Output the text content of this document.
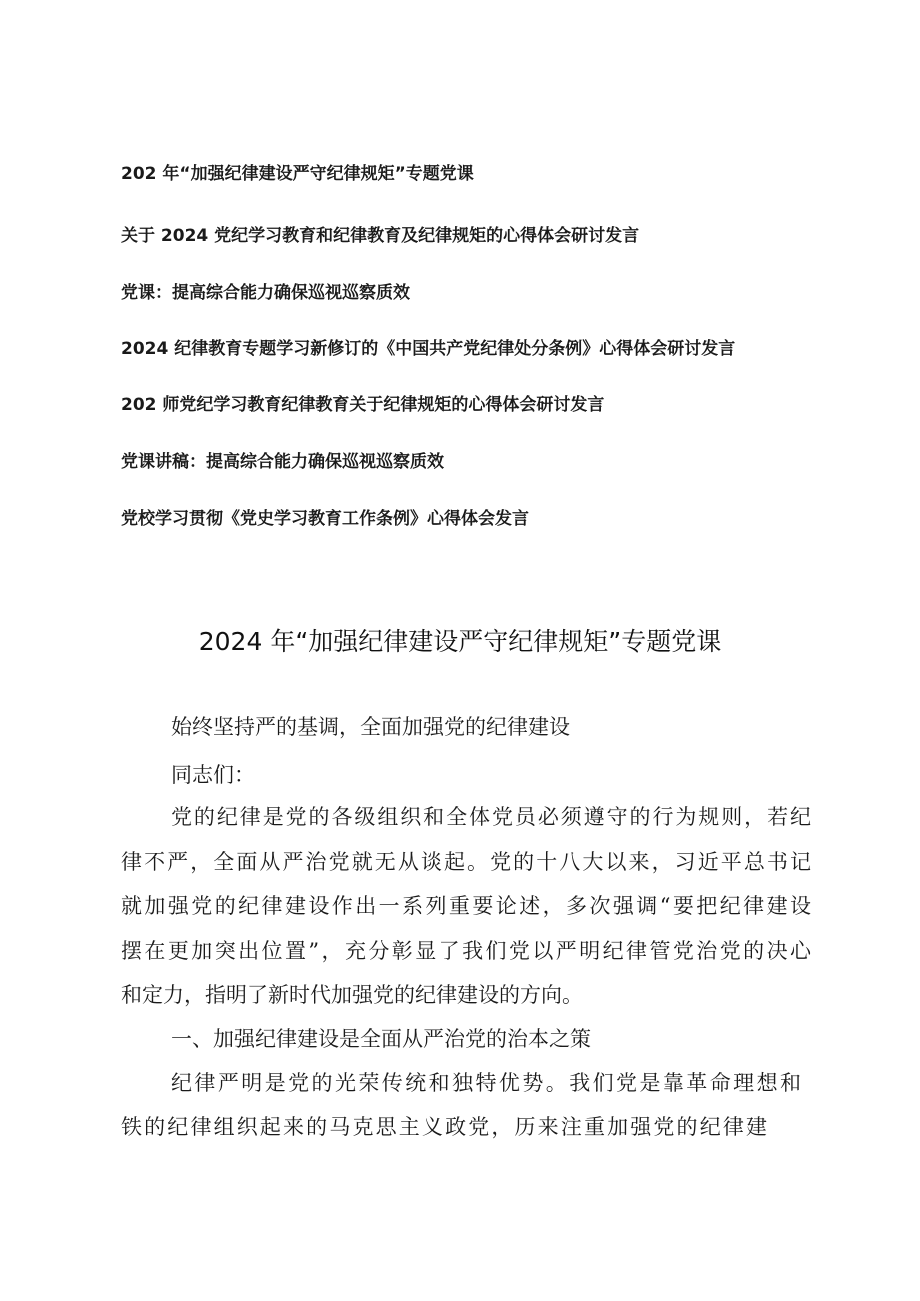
202 年“加强纪律建设严守纪律规矩”专题党课
关于 2024 党纪学习教育和纪律教育及纪律规矩的心得体会研讨发言
党课：提高综合能力确保巡视巡察质效
2024 纪律教育专题学习新修订的《中国共产党纪律处分条例》心得体会研讨发言
202 师党纪学习教育纪律教育关于纪律规矩的心得体会研讨发言
党课讲稿：提高综合能力确保巡视巡察质效
党校学习贯彻《党史学习教育工作条例》心得体会发言
2024 年“加强纪律建设严守纪律规矩”专题党课
始终坚持严的基调，全面加强党的纪律建设
同志们：
党的纪律是党的各级组织和全体党员必须遵守的行为规则，若纪
律不严，全面从严治党就无从谈起。党的十八大以来，习近平总书记
就加强党的纪律建设作出一系列重要论述，多次强调“要把纪律建设
摆在更加突出位置”，充分彰显了我们党以严明纪律管党治党的决心
和定力，指明了新时代加强党的纪律建设的方向。
一、加强纪律建设是全面从严治党的治本之策
纪律严明是党的光荣传统和独特优势。我们党是靠革命理想和
铁的纪律组织起来的马克思主义政党，历来注重加强党的纪律建
